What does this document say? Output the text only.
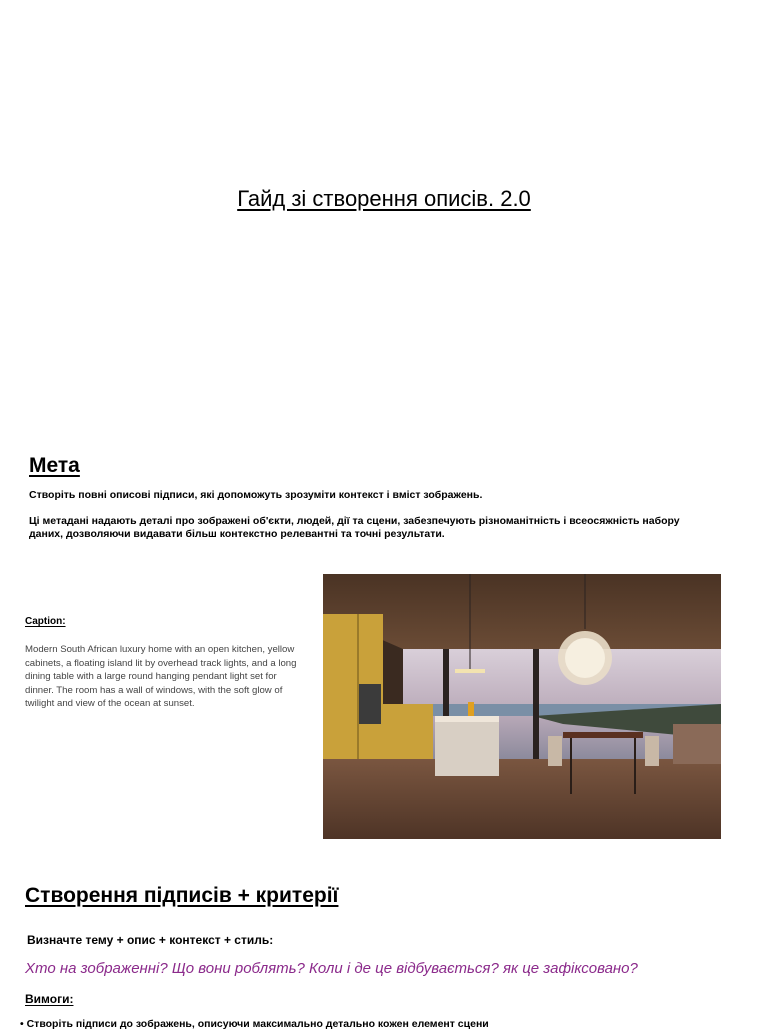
Гайд зі створення описів. 2.0
Мета
Створіть повні описові підписи, які допоможуть зрозуміти контекст і вміст зображень.
Ці метадані надають деталі про зображені об'єкти, людей, дії та сцени, забезпечують різноманітність і всеосяжність набору даних, дозволяючи видавати більш контекстно релевантні та точні результати.
Caption:
Modern South African luxury home with an open kitchen, yellow cabinets, a floating island lit by overhead track lights, and a long dining table with a large round hanging pendant light set for dinner. The room has a wall of windows, with the soft glow of twilight and view of the ocean at sunset.
Створення підписів + критерії
Визначте тему + опис + контекст + стиль:
Хто на зображенні? Що вони роблять? Коли і де це відбувається? як це зафіксовано?
Вимоги:
• Створіть підписи до зображень, описуючи максимально детально кожен елемент сцени
